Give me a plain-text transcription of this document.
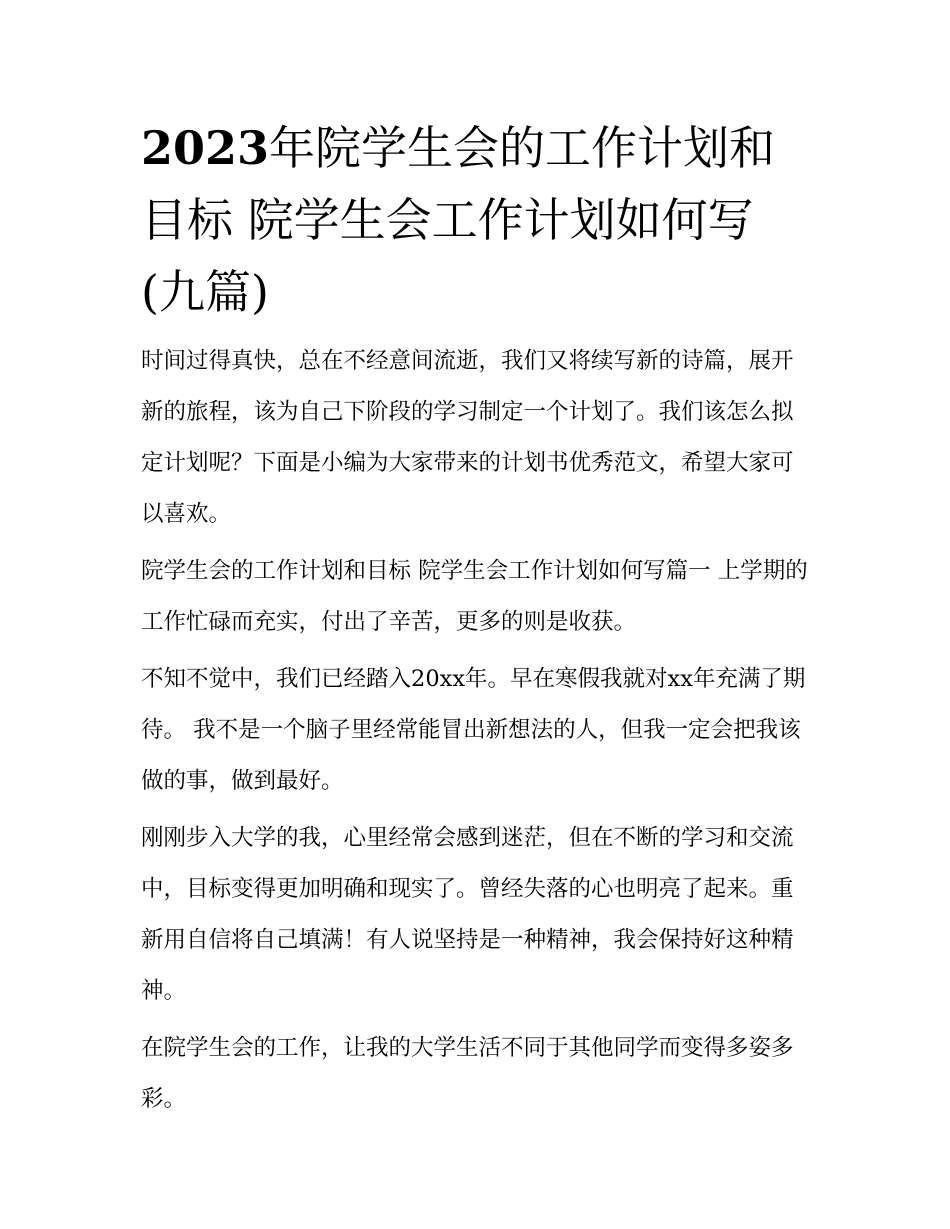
2023年院学生会的工作计划和目标 院学生会工作计划如何写(九篇)

时间过得真快，总在不经意间流逝，我们又将续写新的诗篇，展开新的旅程，该为自己下阶段的学习制定一个计划了。我们该怎么拟定计划呢？下面是小编为大家带来的计划书优秀范文，希望大家可以喜欢。

院学生会的工作计划和目标 院学生会工作计划如何写篇一 上学期的工作忙碌而充实，付出了辛苦，更多的则是收获。

不知不觉中，我们已经踏入20xx年。早在寒假我就对xx年充满了期待。 我不是一个脑子里经常能冒出新想法的人，但我一定会把我该做的事，做到最好。

刚刚步入大学的我，心里经常会感到迷茫，但在不断的学习和交流中，目标变得更加明确和现实了。曾经失落的心也明亮了起来。重新用自信将自己填满！有人说坚持是一种精神，我会保持好这种精神。

在院学生会的工作，让我的大学生活不同于其他同学而变得多姿多彩。
